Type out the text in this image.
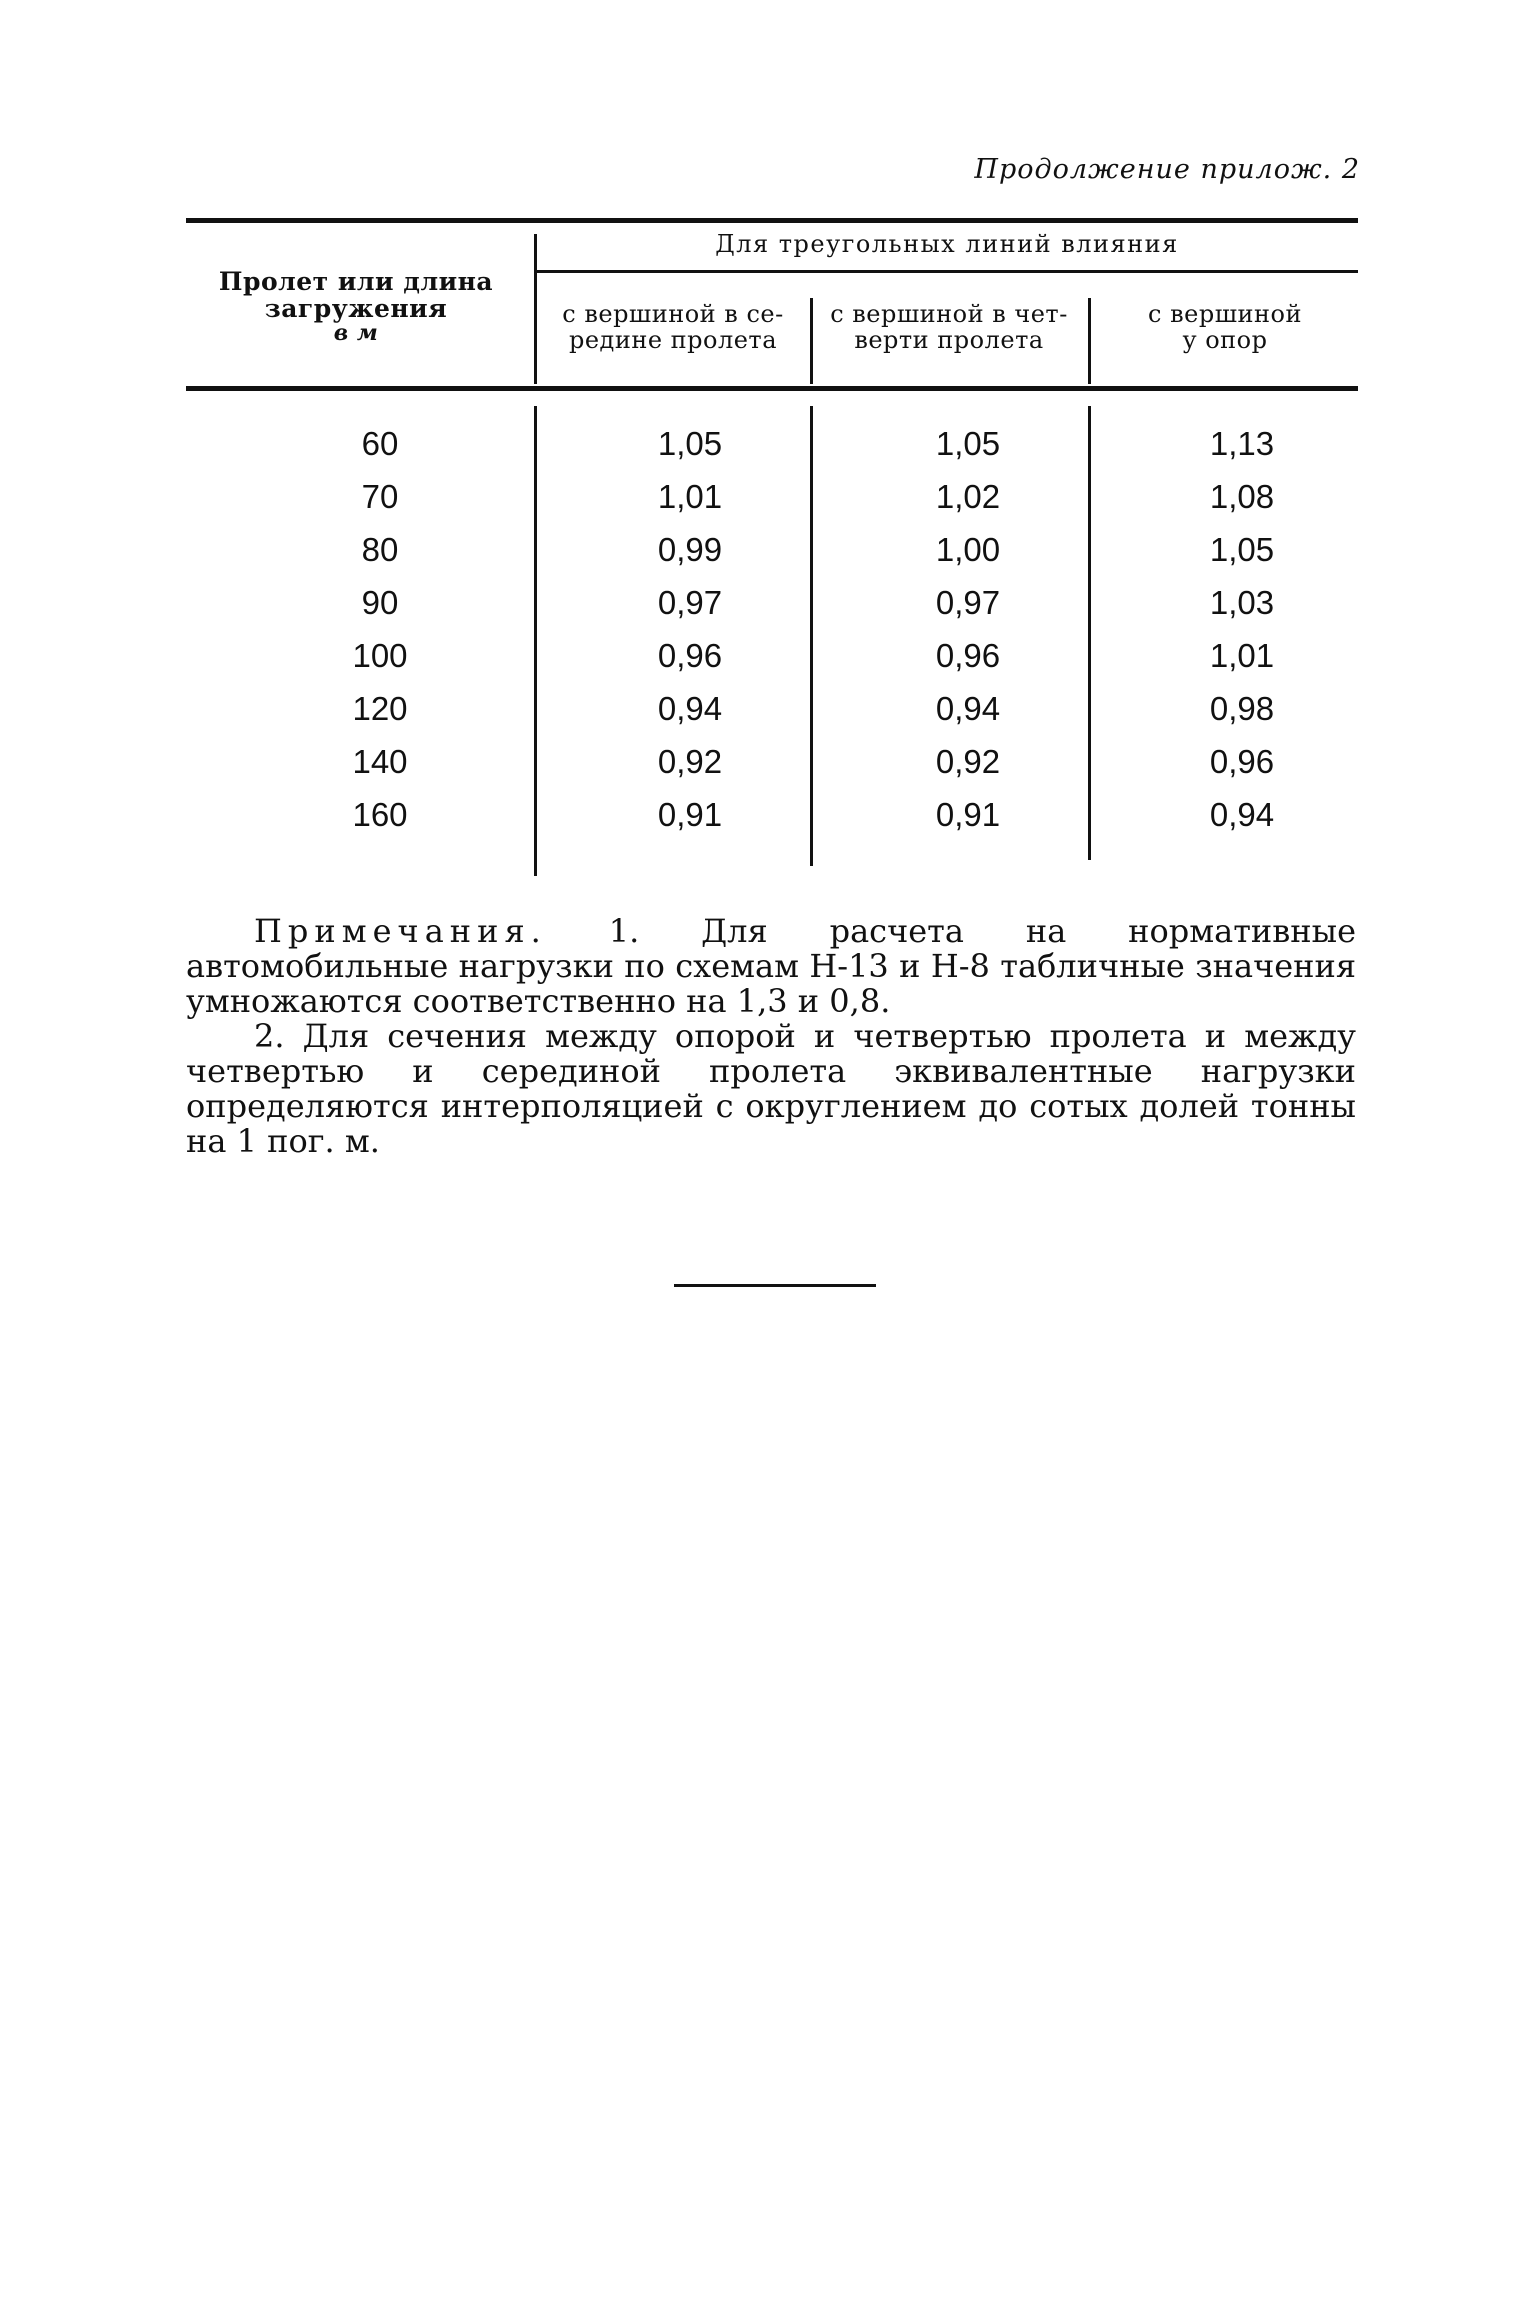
Продолжение прилож. 2
Пролет или длина
загружения
в м
Для треугольных линий влияния
с вершиной в се-
редине пролета
с вершиной в чет-
верти пролета
с вершиной
у опор
60	1,05	1,05	1,13
70	1,01	1,02	1,08
80	0,99	1,00	1,05
90	0,97	0,97	1,03
100	0,96	0,96	1,01
120	0,94	0,94	0,98
140	0,92	0,92	0,96
160	0,91	0,91	0,94

Примечания. 1. Для расчета на нормативные автомобильные нагрузки по схемам Н-13 и Н-8 табличные значения умножаются соответственно на 1,3 и 0,8.

2. Для сечения между опорой и четвертью пролета и между четвертью и серединой пролета эквивалентные нагрузки определяются интерполяцией с округлением до сотых долей тонны на 1 пог. м.
